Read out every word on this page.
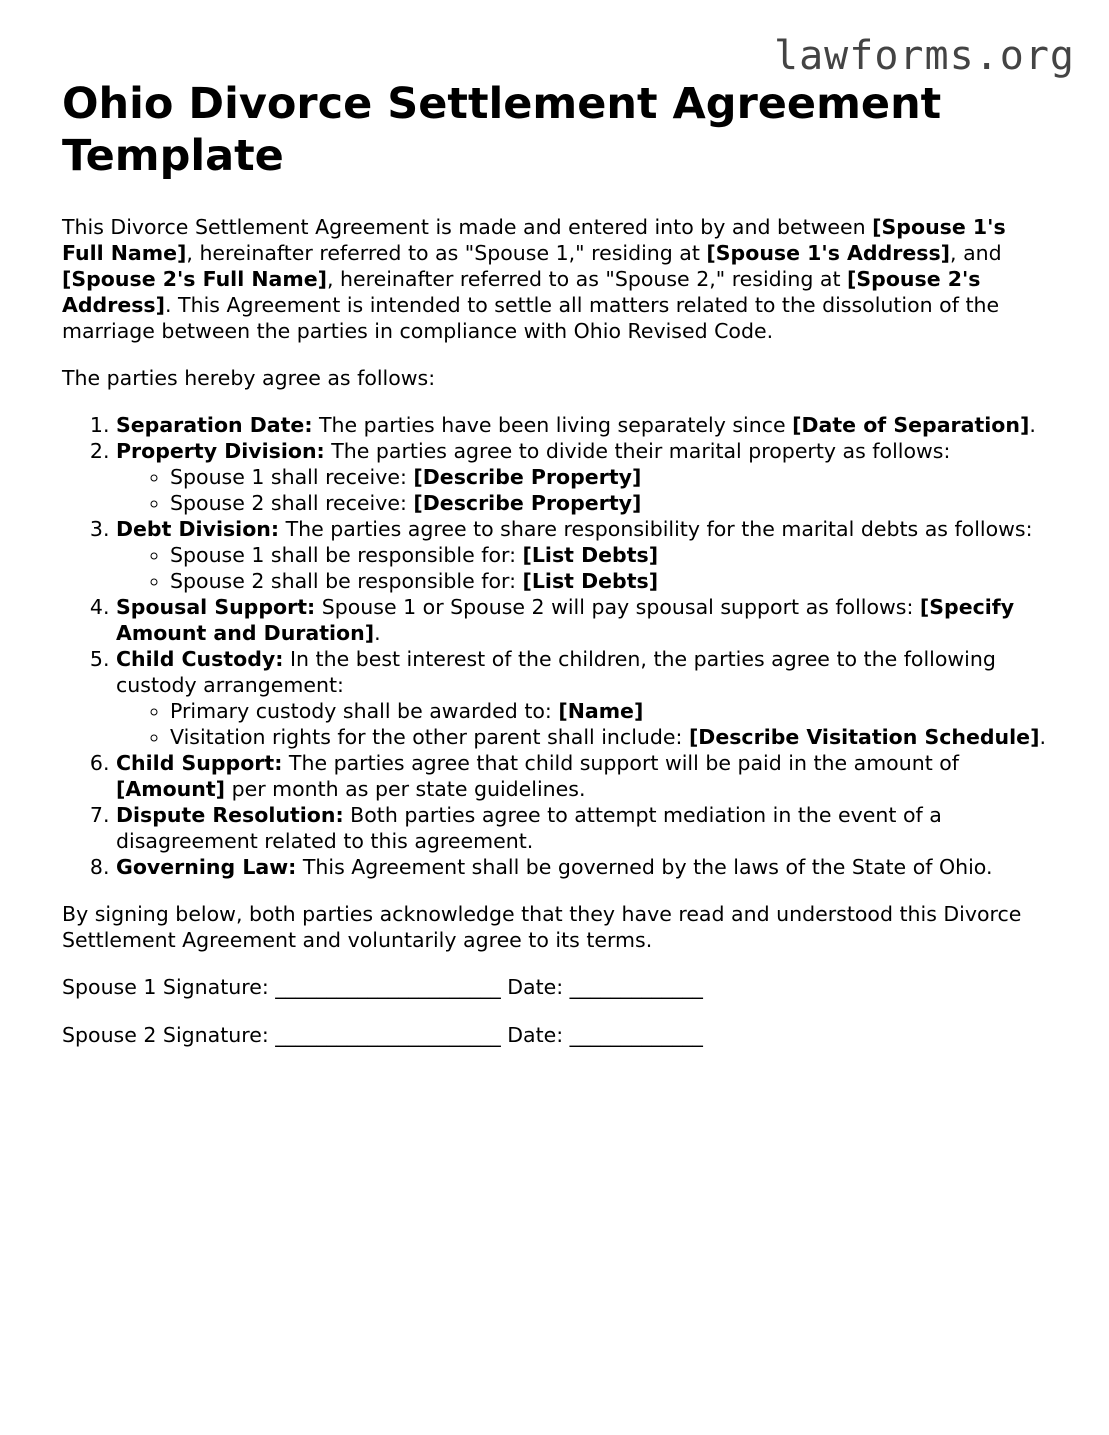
lawforms.org
Ohio Divorce Settlement Agreement Template

This Divorce Settlement Agreement is made and entered into by and between [Spouse 1's Full Name], hereinafter referred to as "Spouse 1," residing at [Spouse 1's Address], and [Spouse 2's Full Name], hereinafter referred to as "Spouse 2," residing at [Spouse 2's Address]. This Agreement is intended to settle all matters related to the dissolution of the marriage between the parties in compliance with Ohio Revised Code.

The parties hereby agree as follows:

1. Separation Date: The parties have been living separately since [Date of Separation].
2. Property Division: The parties agree to divide their marital property as follows:
◦ Spouse 1 shall receive: [Describe Property]
◦ Spouse 2 shall receive: [Describe Property]
3. Debt Division: The parties agree to share responsibility for the marital debts as follows:
◦ Spouse 1 shall be responsible for: [List Debts]
◦ Spouse 2 shall be responsible for: [List Debts]
4. Spousal Support: Spouse 1 or Spouse 2 will pay spousal support as follows: [Specify Amount and Duration].
5. Child Custody: In the best interest of the children, the parties agree to the following custody arrangement:
◦ Primary custody shall be awarded to: [Name]
◦ Visitation rights for the other parent shall include: [Describe Visitation Schedule].
6. Child Support: The parties agree that child support will be paid in the amount of [Amount] per month as per state guidelines.
7. Dispute Resolution: Both parties agree to attempt mediation in the event of a disagreement related to this agreement.
8. Governing Law: This Agreement shall be governed by the laws of the State of Ohio.

By signing below, both parties acknowledge that they have read and understood this Divorce Settlement Agreement and voluntarily agree to its terms.

Spouse 1 Signature: ______________________ Date: _____________

Spouse 2 Signature: ______________________ Date: _____________
